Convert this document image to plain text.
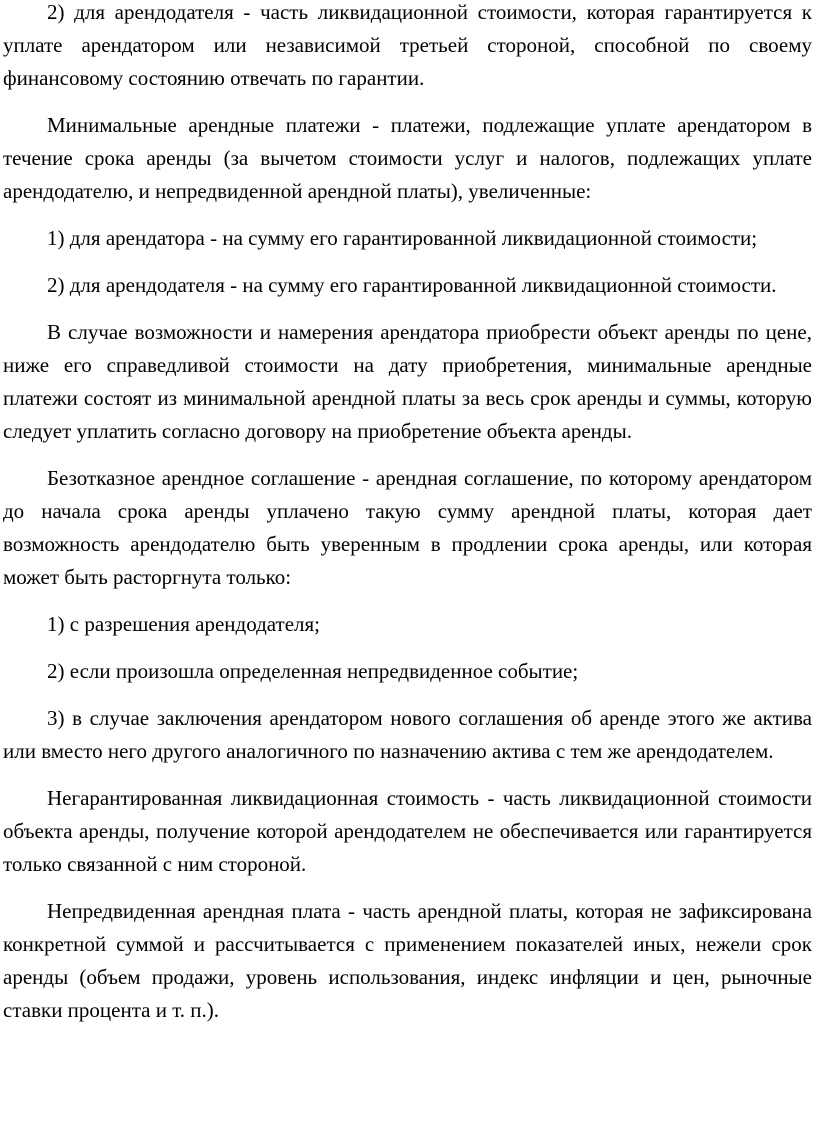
2) для арендодателя - часть ликвидационной стоимости, которая гарантируется к уплате арендатором или независимой третьей стороной, способной по своему финансовому состоянию отвечать по гарантии.

Минимальные арендные платежи - платежи, подлежащие уплате арендатором в течение срока аренды (за вычетом стоимости услуг и налогов, подлежащих уплате арендодателю, и непредвиденной арендной платы), увеличенные:

1) для арендатора - на сумму его гарантированной ликвидационной стоимости;

2) для арендодателя - на сумму его гарантированной ликвидационной стоимости.

В случае возможности и намерения арендатора приобрести объект аренды по цене, ниже его справедливой стоимости на дату приобретения, минимальные арендные платежи состоят из минимальной арендной платы за весь срок аренды и суммы, которую следует уплатить согласно договору на приобретение объекта аренды.

Безотказное арендное соглашение - арендная соглашение, по которому арендатором до начала срока аренды уплачено такую сумму арендной платы, которая дает возможность арендодателю быть уверенным в продлении срока аренды, или которая может быть расторгнута только:

1) с разрешения арендодателя;

2) если произошла определенная непредвиденное событие;

3) в случае заключения арендатором нового соглашения об аренде этого же актива или вместо него другого аналогичного по назначению актива с тем же арендодателем.

Негарантированная ликвидационная стоимость - часть ликвидационной стоимости объекта аренды, получение которой арендодателем не обеспечивается или гарантируется только связанной с ним стороной.

Непредвиденная арендная плата - часть арендной платы, которая не зафиксирована конкретной суммой и рассчитывается с применением показателей иных, нежели срок аренды (объем продажи, уровень использования, индекс инфляции и цен, рыночные ставки процента и т. п.).
